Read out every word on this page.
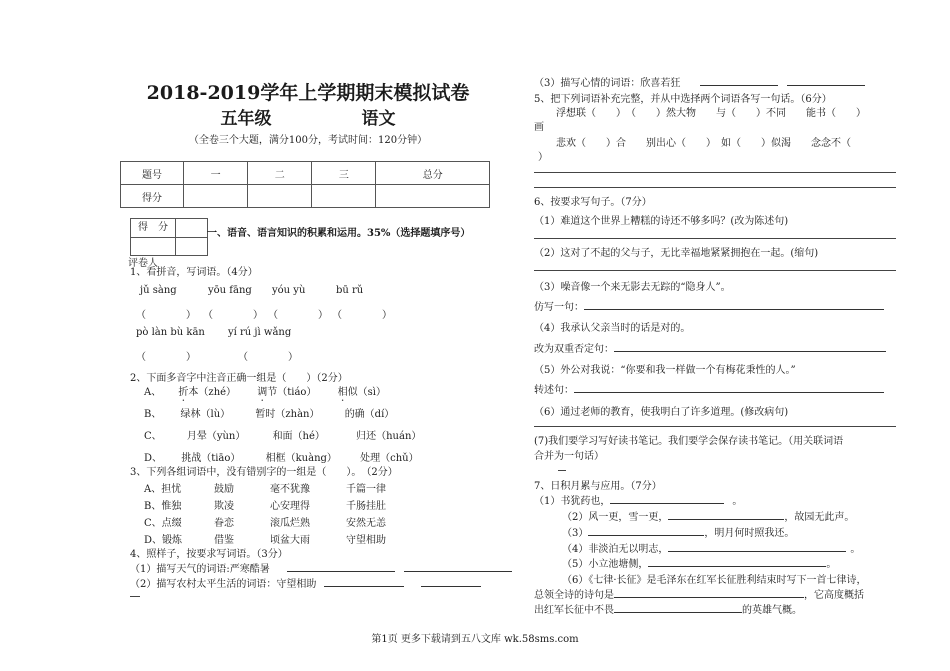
2018-2019学年上学期期末模拟试卷
五年级	语文
（全卷三个大题，满分100分，考试时间：120分钟）
题号	一	二	三	总分
得分				
得　分
评卷人
一、语音、语言知识的积累和运用。35%（选择题填序号）
1、看拼音，写词语。（4分）
jǔ sàng	yōu fāng yóu yù	bū rǔ
（　　　　） （　　　　） （　　　　） （　　　　）
pò làn bù kān yí rú jì wǎng
（　　　　）	（　　　　）
2、下面多音字中注音正确一组是（　　）（2分）
A、 折本（zhé） 调节（tiáo） 相似（sì）
B、 绿林（lù）	暂时（zhàn）	的确（dí）
C、	月晕（yùn）	和面（hé）	归还（huán）
D、 挑战（tiāo）	相框（kuàng） 处理（chǔ）
3、下列各组词语中，没有错别字的一组是（　　）。　（2分）
A、担忧	鼓励	毫不犹豫	千篇一律
B、惟独	欺凌	心安理得	千肠挂肚
C、点缀	眷恋	滚瓜烂熟	安然无恙
D、锻炼	借鉴	顷盆大雨	守望相助
4、照样子，按要求写词语。（3分）
（1）描写天气的词语:严寒酷暑
（2）描写农村太平生活的词语：守望相助
（3）描写心情的词语：欣喜若狂
5、把下列词语补充完整，并从中选择两个词语各写一句话。（6分）
浮想联（　　）　（　　）然大物　　与（　　）不同　　能书（　　）
画
悲欢（　　）合　　别出心（　　）　如（　　）似渴　　念念不（　　
）
6、按要求写句子。（7分）
（1）难道这个世界上糟糕的诗还不够多吗？(改为陈述句)
（2）这对了不起的父与子，无比幸福地紧紧拥抱在一起。(缩句)
（3）噪音像一个来无影去无踪的“隐身人”。
仿写一句：
（4）我承认父亲当时的话是对的。
改为双重否定句：
（5）外公对我说：“你要和我一样做一个有梅花秉性的人。”
转述句：
（6）通过老师的教育，使我明白了许多道理。(修改病句)
(7)我们要学习写好读书笔记。我们要学会保存读书笔记。（用关联词语
合并为一句话）
7、日积月累与应用。（7分）
（1）书犹药也，	。
（2）风一更，雪一更，	，故园无此声。
（3）	，明月何时照我还。
（4）非淡泊无以明志，	。
（5）小立池塘侧，	。
（6）《七律·长征》是毛泽东在红军长征胜利结束时写下一首七律诗，
总领全诗的诗句是	，它高度概括
出红军长征中不畏	的英雄气概。
第1页 更多下载请到五八文库 wk.58sms.com
